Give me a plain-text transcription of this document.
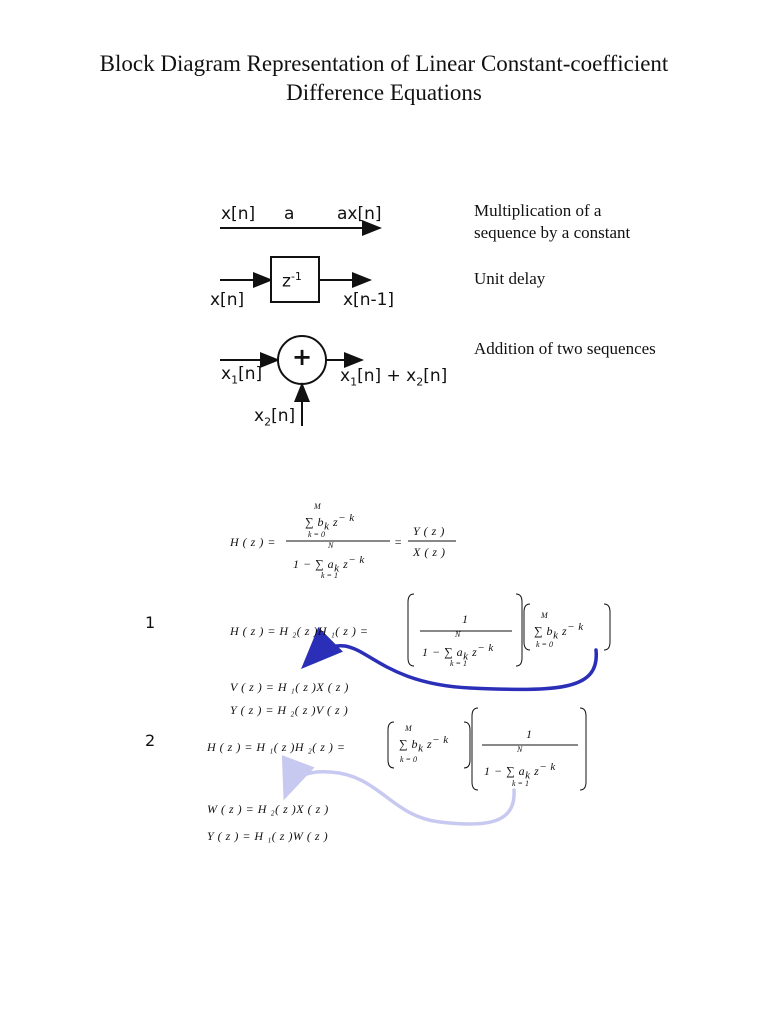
Block Diagram Representation of Linear Constant-coefficient
Difference Equations
x[n] a	ax[n]	Multiplication of a
sequence by a constant
$z^{-1}$
x[n]	x[n-1]
Unit delay
+
$x_1[n]$
$x_2[n]$
$x_1[n] + x_2[n]$
Addition of two sequences
H ( z ) =
M
∑ $b_k$ $z^{- k}$
k = 0
N
1 − ∑ $a_k$ $z^{- k}$
k = 1
=
Y ( z )
X ( z )
1	H ( z ) = H ₂( z )H ₁( z ) =
1
N
1 − ∑ $a_k$ $z^{- k}$
k = 1
M
∑ $b_k$ $z^{- k}$
k = 0
V ( z ) = H ₁( z )X ( z )
Y ( z ) = H ₂( z )V ( z )
2	H ( z ) = H ₁( z )H ₂( z ) =
M
∑ $b_k$ $z^{- k}$
k = 0
1
N
1 − ∑ $a_k$ $z^{- k}$
k = 1
W ( z ) = H ₂( z )X ( z )
Y ( z ) = H ₁( z )W ( z )
